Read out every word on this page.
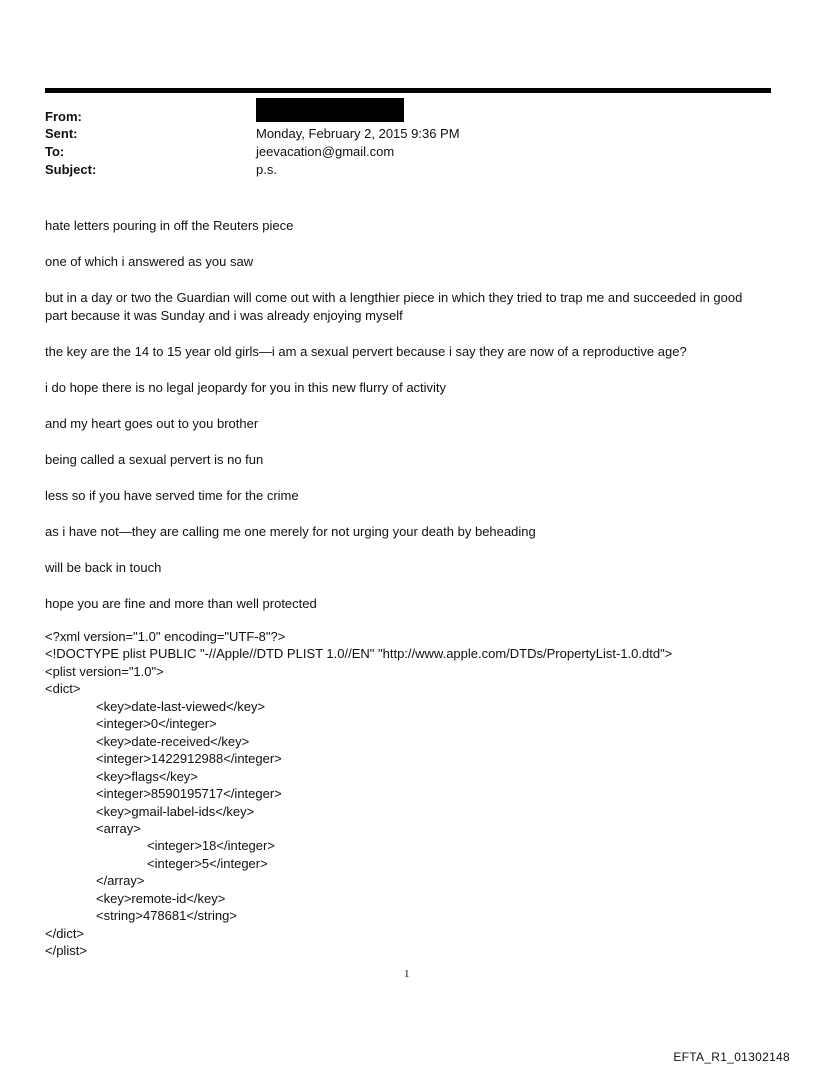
From:
Sent:	Monday, February 2, 2015 9:36 PM
To:	jeevacation@gmail.com
Subject:	p.s.
hate letters pouring in off the Reuters piece
one of which i answered as you saw
but in a day or two the Guardian will come out with a lengthier piece in which they tried to trap me and succeeded in good part because it was Sunday and i was already enjoying myself
the key are the 14 to 15 year old girls—i am a sexual pervert because i say they are now of a reproductive age?
i do hope there is no legal jeopardy for you in this new flurry of activity
and my heart goes out to you brother
being called a sexual pervert is no fun
less so if you have served time for the crime
as i have not—they are calling me one merely for not urging your death by beheading
will be back in touch
hope you are fine and more than well protected
<?xml version="1.0" encoding="UTF-8"?>
<!DOCTYPE plist PUBLIC "-//Apple//DTD PLIST 1.0//EN" "http://www.apple.com/DTDs/PropertyList-1.0.dtd">
<plist version="1.0">
<dict>
<key>date-last-viewed</key>
<integer>0</integer>
<key>date-received</key>
<integer>1422912988</integer>
<key>flags</key>
<integer>8590195717</integer>
<key>gmail-label-ids</key>
<array>
<integer>18</integer>
<integer>5</integer>
</array>
<key>remote-id</key>
<string>478681</string>
</dict>
</plist>
1
EFTA_R1_01302148
